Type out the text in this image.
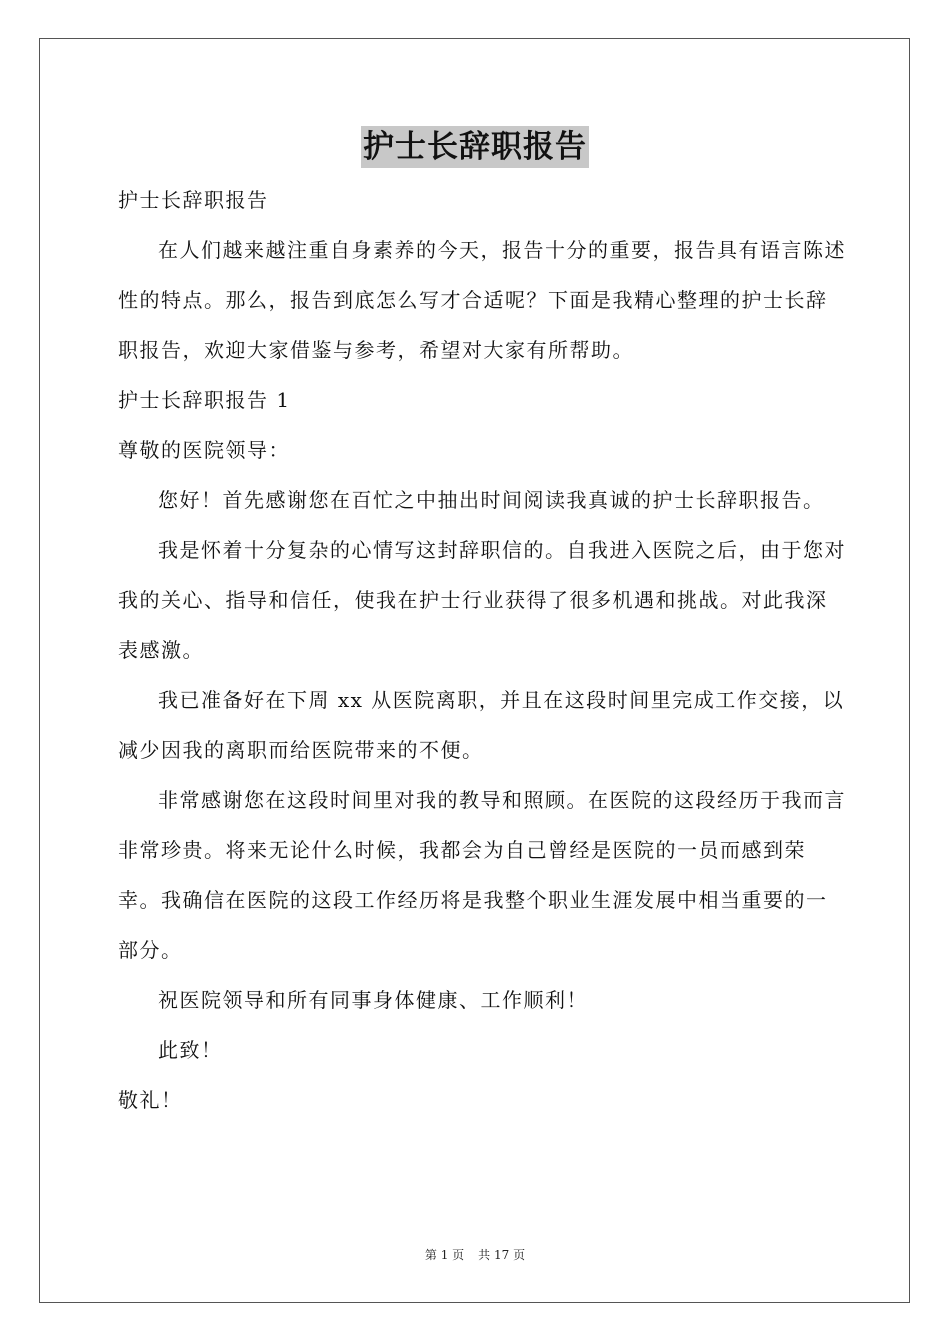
护士长辞职报告

护士长辞职报告

在人们越来越注重自身素养的今天，报告十分的重要，报告具有语言陈述性的特点。那么，报告到底怎么写才合适呢？下面是我精心整理的护士长辞职报告，欢迎大家借鉴与参考，希望对大家有所帮助。

护士长辞职报告 1

尊敬的医院领导：

您好！首先感谢您在百忙之中抽出时间阅读我真诚的护士长辞职报告。

我是怀着十分复杂的心情写这封辞职信的。自我进入医院之后，由于您对我的关心、指导和信任，使我在护士行业获得了很多机遇和挑战。对此我深表感激。

我已准备好在下周 xx 从医院离职，并且在这段时间里完成工作交接，以减少因我的离职而给医院带来的不便。

非常感谢您在这段时间里对我的教导和照顾。在医院的这段经历于我而言非常珍贵。将来无论什么时候，我都会为自己曾经是医院的一员而感到荣幸。我确信在医院的这段工作经历将是我整个职业生涯发展中相当重要的一部分。

祝医院领导和所有同事身体健康、工作顺利！

此致！

敬礼！

第 1 页 共 17 页
